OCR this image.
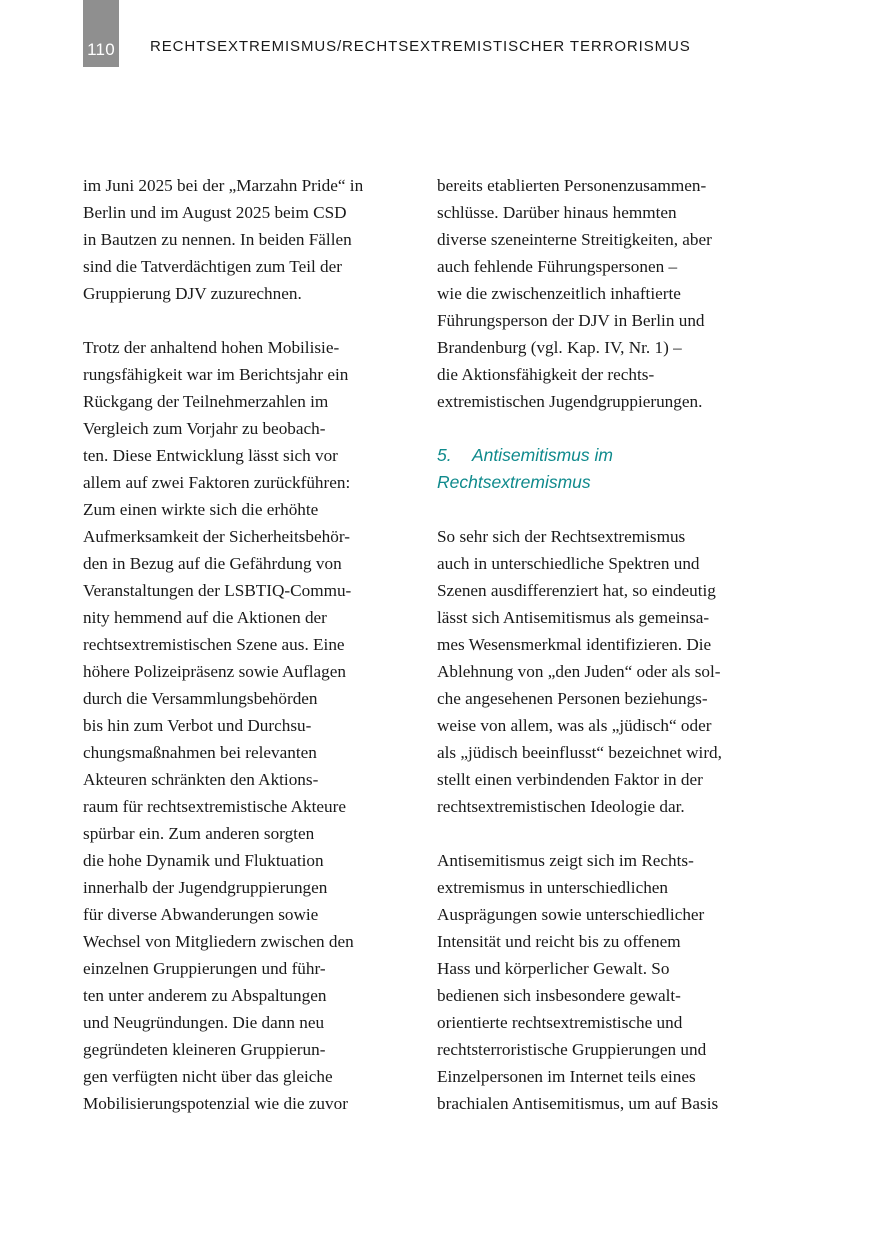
110 RECHTSEXTREMISMUS/RECHTSEXTREMISTISCHER TERRORISMUS
im Juni 2025 bei der „Marzahn Pride“ in
Berlin und im August 2025 beim CSD
in Bautzen zu nennen. In beiden Fällen
sind die Tatverdächtigen zum Teil der
Gruppierung DJV zuzurechnen.
Trotz der anhaltend hohen Mobilisie-
rungsfähigkeit war im Berichtsjahr ein
Rückgang der Teilnehmerzahlen im
Vergleich zum Vorjahr zu beobach-
ten. Diese Entwicklung lässt sich vor
allem auf zwei Faktoren zurückführen:
Zum einen wirkte sich die erhöhte
Aufmerksamkeit der Sicherheitsbehör-
den in Bezug auf die Gefährdung von
Veranstaltungen der LSBTIQ-Commu-
nity hemmend auf die Aktionen der
rechtsextremistischen Szene aus. Eine
höhere Polizeipräsenz sowie Auflagen
durch die Versammlungsbehörden
bis hin zum Verbot und Durchsu-
chungsmaßnahmen bei relevanten
Akteuren schränkten den Aktions-
raum für rechtsextremistische Akteure
spürbar ein. Zum anderen sorgten
die hohe Dynamik und Fluktuation
innerhalb der Jugendgruppierungen
für diverse Abwanderungen sowie
Wechsel von Mitgliedern zwischen den
einzelnen Gruppierungen und führ-
ten unter anderem zu Abspaltungen
und Neugründungen. Die dann neu
gegründeten kleineren Gruppierun-
gen verfügten nicht über das gleiche
Mobilisierungspotenzial wie die zuvor
bereits etablierten Personenzusammen-
schlüsse. Darüber hinaus hemmten
diverse szeneinterne Streitigkeiten, aber
auch fehlende Führungspersonen –
wie die zwischenzeitlich inhaftierte
Führungsperson der DJV in Berlin und
Brandenburg (vgl. Kap. IV, Nr. 1) –
die Aktionsfähigkeit der rechts-
extremistischen Jugendgruppierungen.
5. Antisemitismus im
Rechtsextremismus
So sehr sich der Rechtsextremismus
auch in unterschiedliche Spektren und
Szenen ausdifferenziert hat, so eindeutig
lässt sich Antisemitismus als gemeinsa-
mes Wesensmerkmal identifizieren. Die
Ablehnung von „den Juden“ oder als sol-
che angesehenen Personen beziehungs-
weise von allem, was als „jüdisch“ oder
als „jüdisch beeinflusst“ bezeichnet wird,
stellt einen verbindenden Faktor in der
rechtsextremistischen Ideologie dar.
Antisemitismus zeigt sich im Rechts-
extremismus in unterschiedlichen
Ausprägungen sowie unterschiedlicher
Intensität und reicht bis zu offenem
Hass und körperlicher Gewalt. So
bedienen sich insbesondere gewalt-
orientierte rechtsextremistische und
rechtsterroristische Gruppierungen und
Einzelpersonen im Internet teils eines
brachialen Antisemitismus, um auf Basis
